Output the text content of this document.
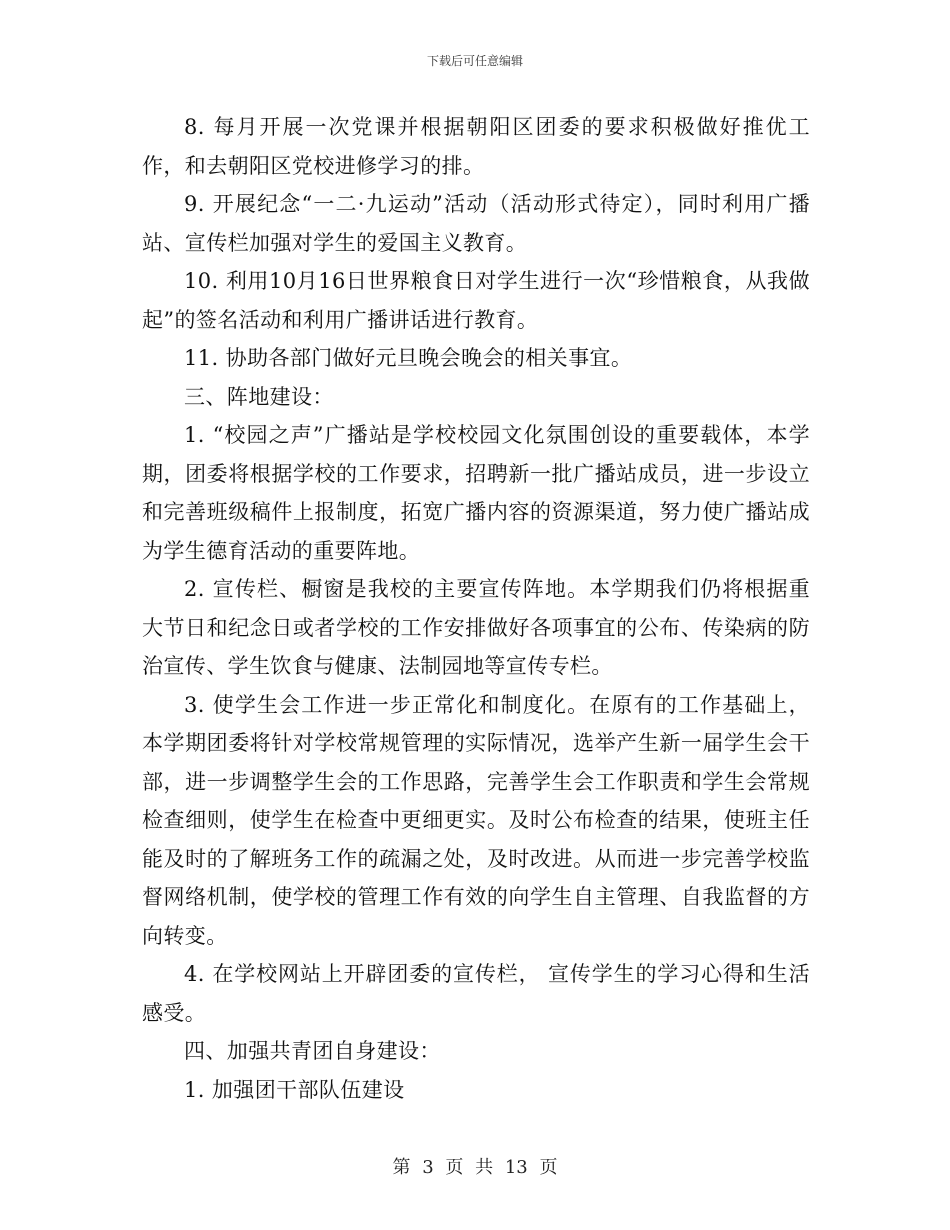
下载后可任意编辑

8. 每月开展一次党课并根据朝阳区团委的要求积极做好推优工作，和去朝阳区党校进修学习的排。

9. 开展纪念“一二·九运动”活动（活动形式待定），同时利用广播站、宣传栏加强对学生的爱国主义教育。

10. 利用10月16日世界粮食日对学生进行一次“珍惜粮食，从我做起”的签名活动和利用广播讲话进行教育。

11. 协助各部门做好元旦晚会晚会的相关事宜。

三、阵地建设：

1. “校园之声”广播站是学校校园文化氛围创设的重要载体，本学期，团委将根据学校的工作要求，招聘新一批广播站成员，进一步设立和完善班级稿件上报制度，拓宽广播内容的资源渠道，努力使广播站成为学生德育活动的重要阵地。

2. 宣传栏、橱窗是我校的主要宣传阵地。本学期我们仍将根据重大节日和纪念日或者学校的工作安排做好各项事宜的公布、传染病的防治宣传、学生饮食与健康、法制园地等宣传专栏。

3. 使学生会工作进一步正常化和制度化。在原有的工作基础上，本学期团委将针对学校常规管理的实际情况，选举产生新一届学生会干部，进一步调整学生会的工作思路，完善学生会工作职责和学生会常规检查细则，使学生在检查中更细更实。及时公布检查的结果，使班主任能及时的了解班务工作的疏漏之处，及时改进。从而进一步完善学校监督网络机制，使学校的管理工作有效的向学生自主管理、自我监督的方向转变。

4. 在学校网站上开辟团委的宣传栏， 宣传学生的学习心得和生活感受。

四、加强共青团自身建设：

1. 加强团干部队伍建设

第 3 页 共 13 页
